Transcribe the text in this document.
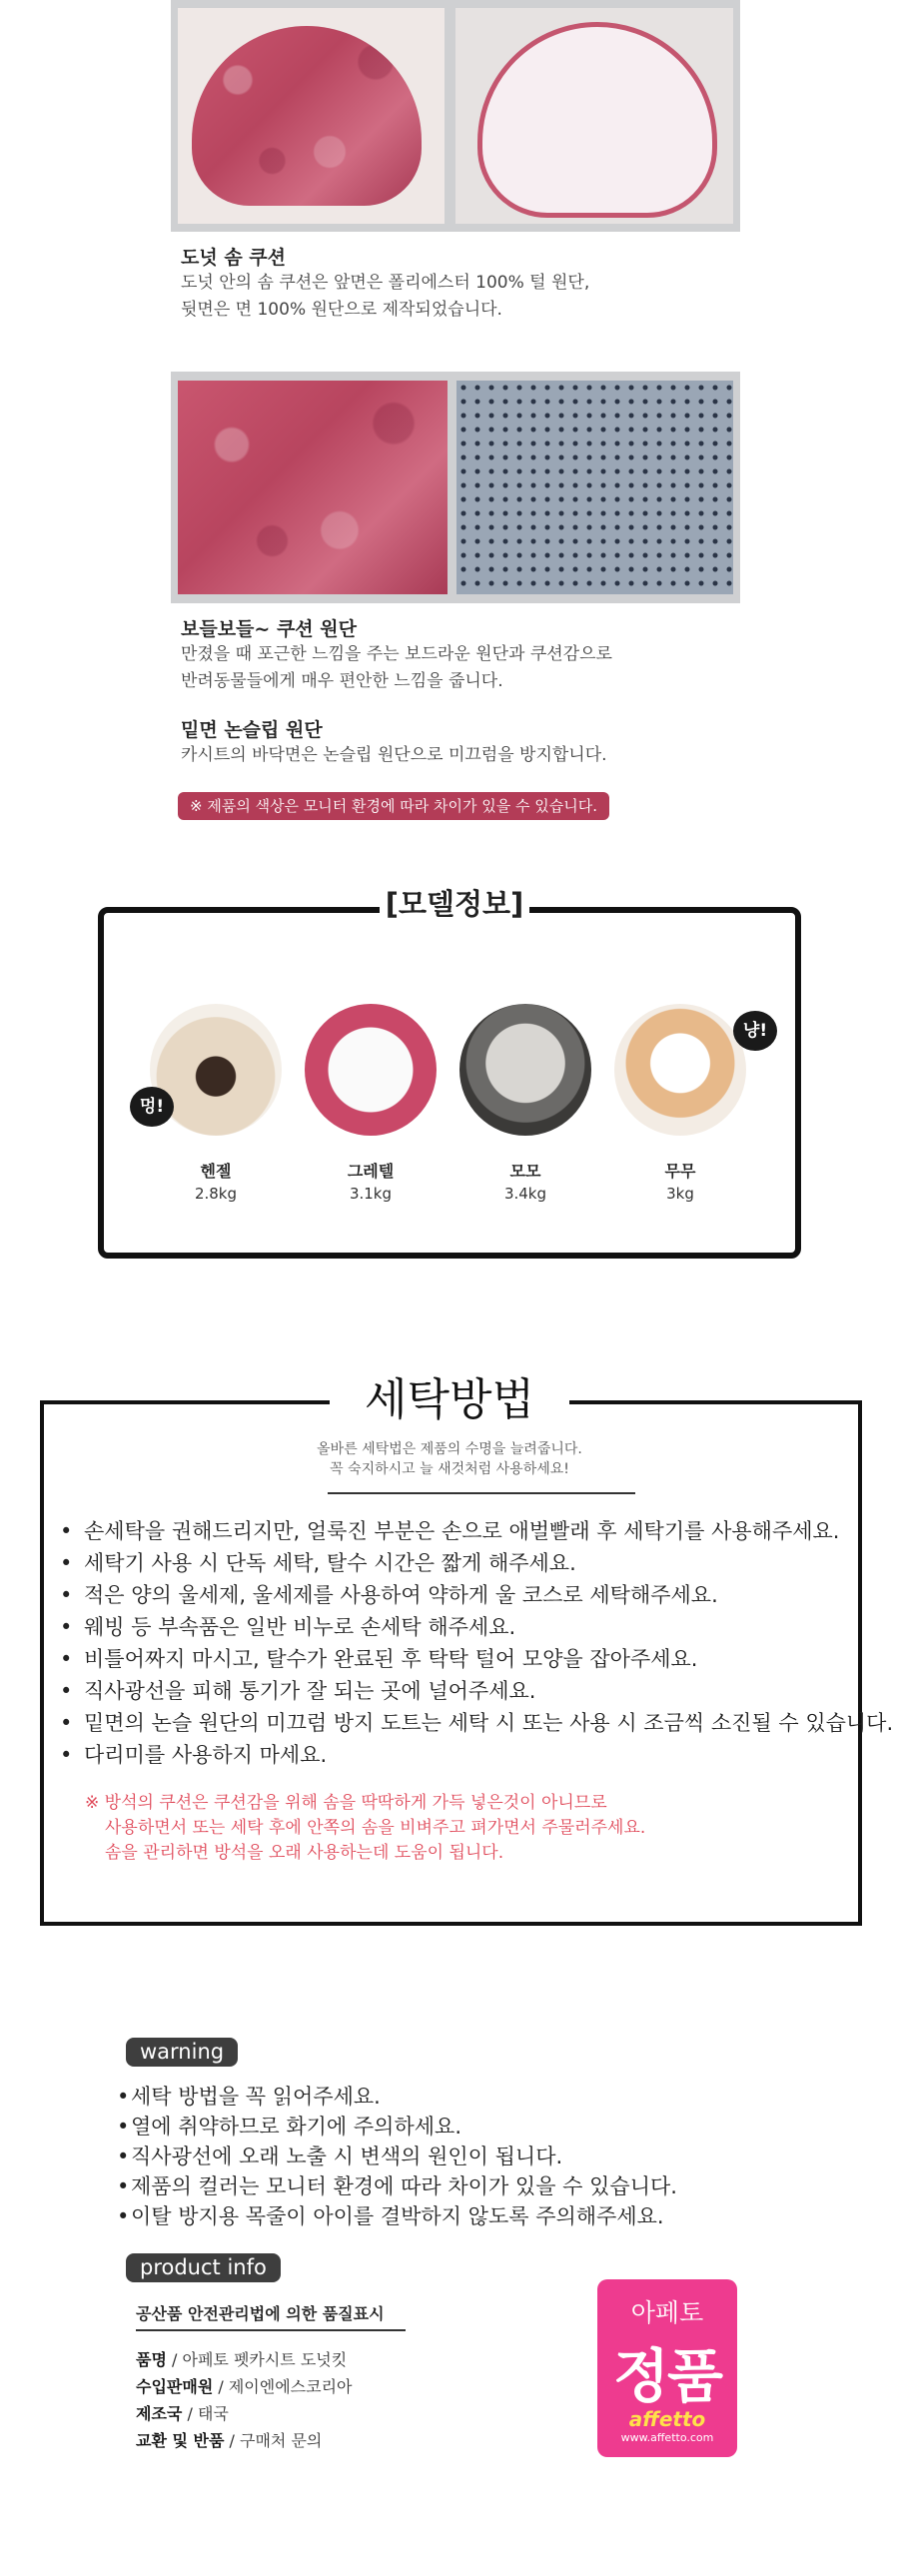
도넛 솜 쿠션
도넛 안의 솜 쿠션은 앞면은 폴리에스터 100% 털 원단,
뒷면은 면 100% 원단으로 제작되었습니다.
보들보들~ 쿠션 원단
만졌을 때 포근한 느낌을 주는 보드라운 원단과 쿠션감으로
반려동물들에게 매우 편안한 느낌을 줍니다.
밑면 논슬립 원단
카시트의 바닥면은 논슬립 원단으로 미끄럼을 방지합니다.
※ 제품의 색상은 모니터 환경에 따라 차이가 있을 수 있습니다.
[모델정보]
멍!
냥!
헨젤
2.8kg
그레텔
3.1kg
모모
3.4kg
무무
3kg
세탁방법
올바른 세탁법은 제품의 수명을 늘려줍니다.
꼭 숙지하시고 늘 새것처럼 사용하세요!
• 손세탁을 권해드리지만, 얼룩진 부분은 손으로 애벌빨래 후 세탁기를 사용해주세요.
• 세탁기 사용 시 단독 세탁, 탈수 시간은 짧게 해주세요.
• 적은 양의 울세제, 울세제를 사용하여 약하게 울 코스로 세탁해주세요.
• 웨빙 등 부속품은 일반 비누로 손세탁 해주세요.
• 비틀어짜지 마시고, 탈수가 완료된 후 탁탁 털어 모양을 잡아주세요.
• 직사광선을 피해 통기가 잘 되는 곳에 널어주세요.
• 밑면의 논슬 원단의 미끄럼 방지 도트는 세탁 시 또는 사용 시 조금씩 소진될 수 있습니다.
• 다리미를 사용하지 마세요.
※ 방석의 쿠션은 쿠션감을 위해 솜을 딱딱하게 가득 넣은것이 아니므로
사용하면서 또는 세탁 후에 안쪽의 솜을 비벼주고 펴가면서 주물러주세요.
솜을 관리하면 방석을 오래 사용하는데 도움이 됩니다.
warning
• 세탁 방법을 꼭 읽어주세요.
• 열에 취약하므로 화기에 주의하세요.
• 직사광선에 오래 노출 시 변색의 원인이 됩니다.
• 제품의 컬러는 모니터 환경에 따라 차이가 있을 수 있습니다.
• 이탈 방지용 목줄이 아이를 결박하지 않도록 주의해주세요.
product info
공산품 안전관리법에 의한 품질표시
품명 / 아페토 펫카시트 도넛킷
수입판매원 / 제이엔에스코리아
제조국 / 태국
교환 및 반품 / 구매처 문의
아페토
정품
affetto
www.affetto.com
